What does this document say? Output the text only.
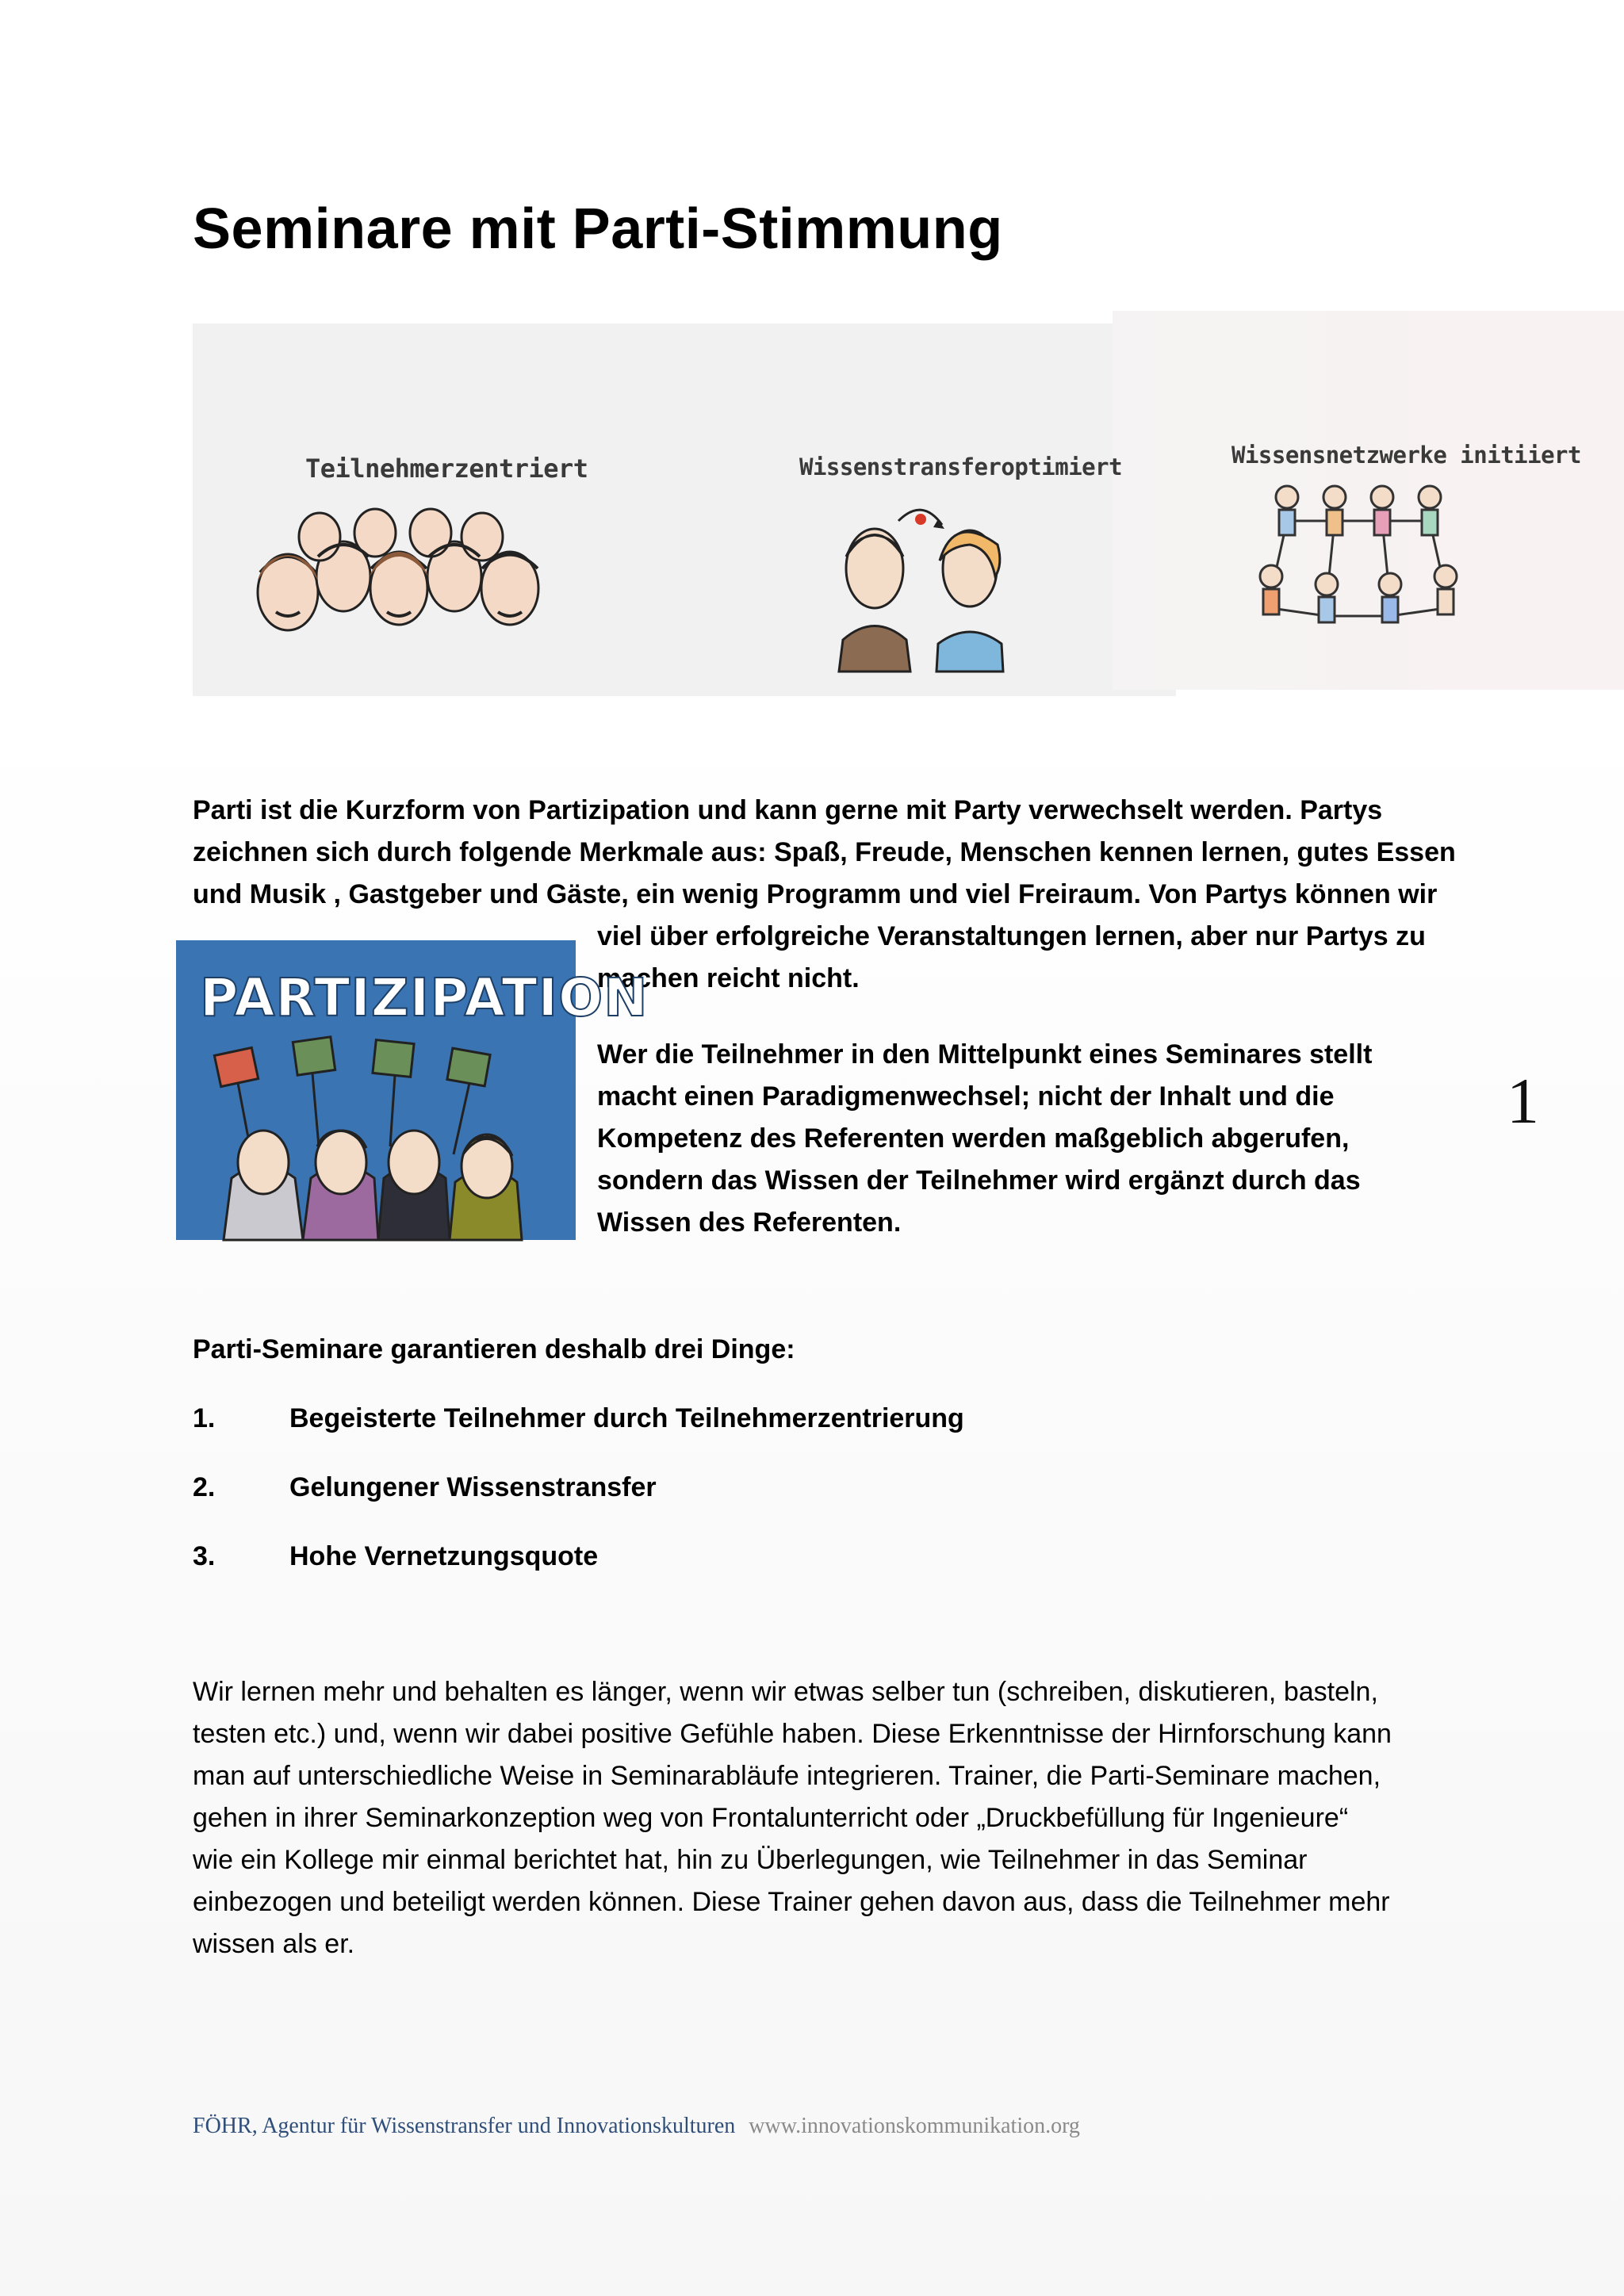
Seminare mit Parti-Stimmung
Teilnehmerzentriert	Wissenstransferoptimiert	Wissensnetzwerke initiiert

Parti ist die Kurzform von Partizipation und kann gerne mit Party verwechselt werden. Partys

zeichnen sich durch folgende Merkmale aus: Spaß, Freude, Menschen kennen lernen, gutes Essen

und Musik , Gastgeber und Gäste, ein wenig Programm und viel Freiraum. Von Partys können wir

viel über erfolgreiche Veranstaltungen lernen, aber nur Partys zu

machen reicht nicht.

PARTIZIPATION

Wer die Teilnehmer in den Mittelpunkt eines Seminares stellt

macht einen Paradigmenwechsel; nicht der Inhalt und die

Kompetenz des Referenten werden maßgeblich abgerufen,

sondern das Wissen der Teilnehmer wird ergänzt durch das

Wissen des Referenten.

1

Parti-Seminare garantieren deshalb drei Dinge:

1.	Begeisterte Teilnehmer durch Teilnehmerzentrierung
2.	Gelungener Wissenstransfer
3.	Hohe Vernetzungsquote

Wir lernen mehr und behalten es länger, wenn wir etwas selber tun (schreiben, diskutieren, basteln,

testen etc.) und, wenn wir dabei positive Gefühle haben. Diese Erkenntnisse der Hirnforschung kann

man auf unterschiedliche Weise in Seminarabläufe integrieren. Trainer, die Parti-Seminare machen,

gehen in ihrer Seminarkonzeption weg von Frontalunterricht oder „Druckbefüllung für Ingenieure“

wie ein Kollege mir einmal berichtet hat, hin zu Überlegungen, wie Teilnehmer in das Seminar

einbezogen und beteiligt werden können. Diese Trainer gehen davon aus, dass die Teilnehmer mehr

wissen als er.

FÖHR, Agentur für Wissenstransfer und Innovationskulturen www.innovationskommunikation.org
